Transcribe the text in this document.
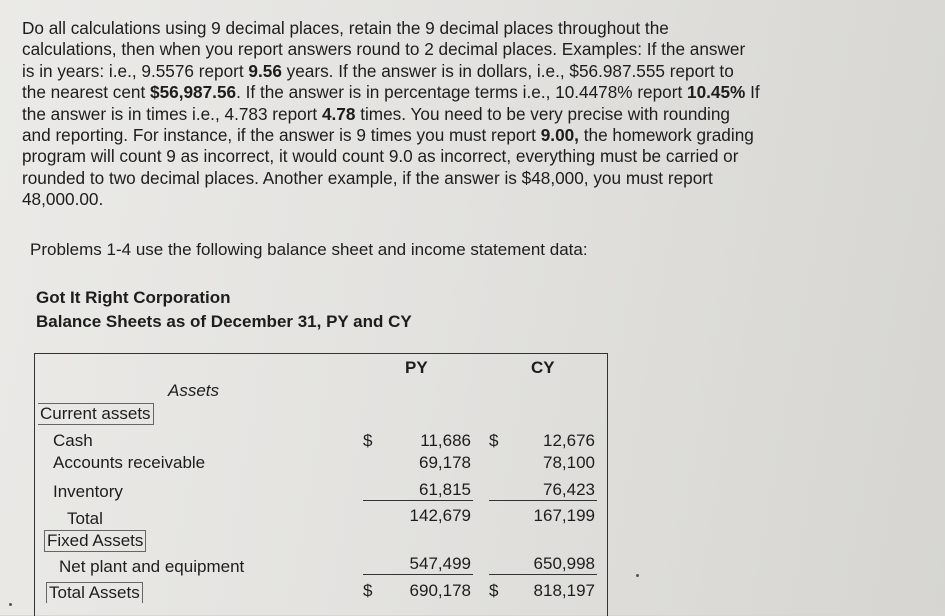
Do all calculations using 9 decimal places, retain the 9 decimal places throughout the
calculations, then when you report answers round to 2 decimal places. Examples: If the answer
is in years: i.e., 9.5576 report 9.56 years. If the answer is in dollars, i.e., $56.987.555 report to
the nearest cent $56,987.56. If the answer is in percentage terms i.e., 10.4478% report 10.45% If
the answer is in times i.e., 4.783 report 4.78 times. You need to be very precise with rounding
and reporting. For instance, if the answer is 9 times you must report 9.00, the homework grading
program will count 9 as incorrect, it would count 9.0 as incorrect, everything must be carried or
rounded to two decimal places. Another example, if the answer is $48,000, you must report
48,000.00.
Problems 1-4 use the following balance sheet and income statement data:
Got It Right Corporation
Balance Sheets as of December 31, PY and CY
PY	CY
Assets
Current assets
Cash	$	11,686 $	12,676
Accounts receivable	69,178	78,100
Inventory	61,815	76,423
Total	142,679	167,199
Fixed Assets
Net plant and equipment	547,499	650,998
Total Assets	$	690,178 $	818,197
